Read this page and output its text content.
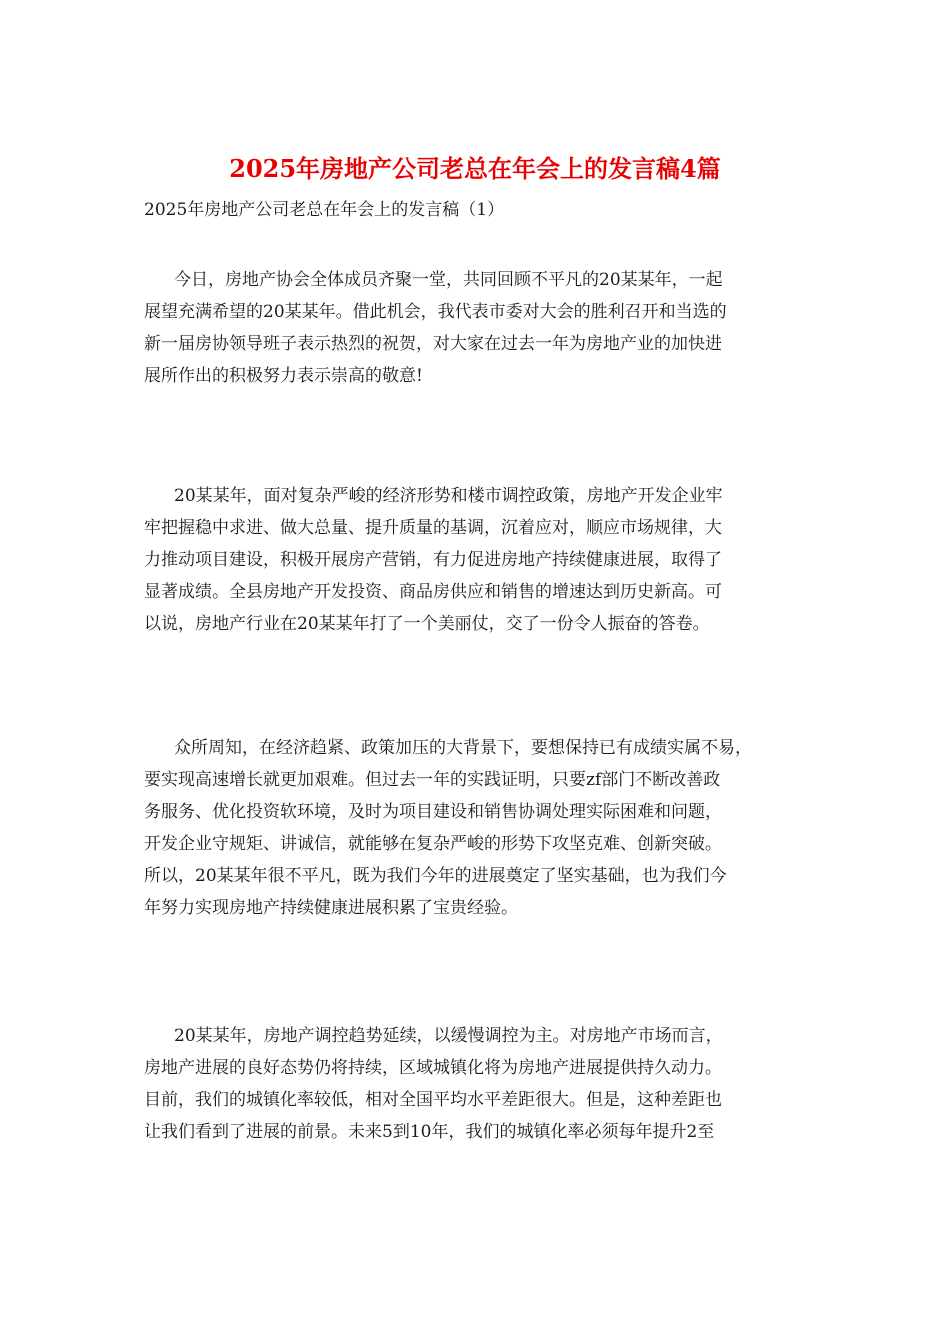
2025年房地产公司老总在年会上的发言稿4篇

2025年房地产公司老总在年会上的发言稿（1）

今日，房地产协会全体成员齐聚一堂，共同回顾不平凡的20某某年，一起
展望充满希望的20某某年。借此机会，我代表市委对大会的胜利召开和当选的
新一届房协领导班子表示热烈的祝贺，对大家在过去一年为房地产业的加快进
展所作出的积极努力表示崇高的敬意!
20某某年，面对复杂严峻的经济形势和楼市调控政策，房地产开发企业牢
牢把握稳中求进、做大总量、提升质量的基调，沉着应对，顺应市场规律，大
力推动项目建设，积极开展房产营销，有力促进房地产持续健康进展，取得了
显著成绩。全县房地产开发投资、商品房供应和销售的增速达到历史新高。可
以说，房地产行业在20某某年打了一个美丽仗，交了一份令人振奋的答卷。
众所周知，在经济趋紧、政策加压的大背景下，要想保持已有成绩实属不易，
要实现高速增长就更加艰难。但过去一年的实践证明，只要zf部门不断改善政
务服务、优化投资软环境，及时为项目建设和销售协调处理实际困难和问题，
开发企业守规矩、讲诚信，就能够在复杂严峻的形势下攻坚克难、创新突破。
所以，20某某年很不平凡，既为我们今年的进展奠定了坚实基础，也为我们今
年努力实现房地产持续健康进展积累了宝贵经验。
20某某年，房地产调控趋势延续，以缓慢调控为主。对房地产市场而言，
房地产进展的良好态势仍将持续，区域城镇化将为房地产进展提供持久动力。
目前，我们的城镇化率较低，相对全国平均水平差距很大。但是，这种差距也
让我们看到了进展的前景。未来5到10年，我们的城镇化率必须每年提升2至
